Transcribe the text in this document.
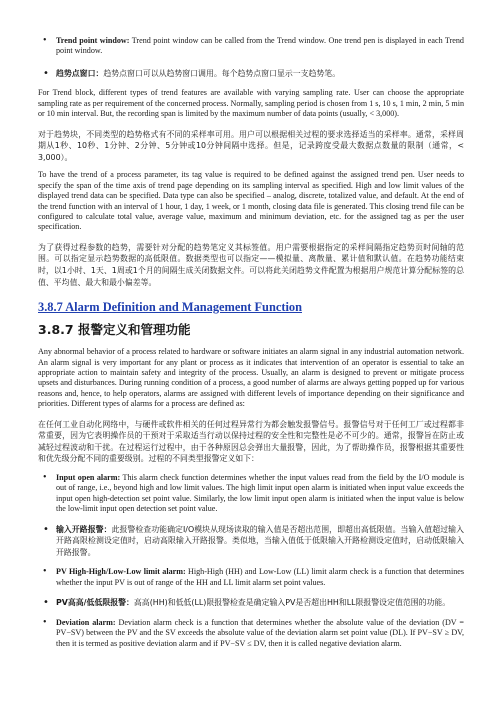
• Trend point window: Trend point window can be called from the Trend window. One trend pen is displayed in each Trend point window.
• 趋势点窗口：趋势点窗口可以从趋势窗口调用。每个趋势点窗口显示一支趋势笔。

For Trend block, different types of trend features are available with varying sampling rate. User can choose the appropriate sampling rate as per requirement of the concerned process. Normally, sampling period is chosen from 1 s, 10 s, 1 min, 2 min, 5 min or 10 min interval. But, the recording span is limited by the maximum number of data points (usually, < 3,000).

对于趋势块，不同类型的趋势格式有不同的采样率可用。用户可以根据相关过程的要求选择适当的采样率。通常，采样周期从1秒、10秒、1分钟、2分钟、5分钟或10分钟间隔中选择。但是，记录跨度受最大数据点数量的限制（通常，< 3,000）。

To have the trend of a process parameter, its tag value is required to be defined against the assigned trend pen. User needs to specify the span of the time axis of trend page depending on its sampling interval as specified. High and low limit values of the displayed trend data can be specified. Data type can also be specified – analog, discrete, totalized value, and default. At the end of the trend function with an interval of 1 hour, 1 day, 1 week, or 1 month, closing data file is generated. This closing trend file can be configured to calculate total value, average value, maximum and minimum deviation, etc. for the assigned tag as per the user specification.

为了获得过程参数的趋势，需要针对分配的趋势笔定义其标签值。用户需要根据指定的采样间隔指定趋势页时间轴的范围。可以指定显示趋势数据的高低限值。数据类型也可以指定——模拟量、离散量、累计值和默认值。在趋势功能结束时，以1小时、1天、1周或1个月的间隔生成关闭数据文件。可以将此关闭趋势文件配置为根据用户规范计算分配标签的总值、平均值、最大和最小偏差等。

3.8.7 Alarm Definition and Management Function
3.8.7 报警定义和管理功能

Any abnormal behavior of a process related to hardware or software initiates an alarm signal in any industrial automation network. An alarm signal is very important for any plant or process as it indicates that intervention of an operator is essential to take an appropriate action to maintain safety and integrity of the process. Usually, an alarm is designed to prevent or mitigate process upsets and disturbances. During running condition of a process, a good number of alarms are always getting popped up for various reasons and, hence, to help operators, alarms are assigned with different levels of importance depending on their significance and priorities. Different types of alarms for a process are defined as:

在任何工业自动化网络中，与硬件或软件相关的任何过程异常行为都会触发报警信号。报警信号对于任何工厂或过程都非常重要，因为它表明操作员的干预对于采取适当行动以保持过程的安全性和完整性是必不可少的。通常，报警旨在防止或减轻过程波动和干扰。在过程运行过程中，由于各种原因总会弹出大量报警，因此，为了帮助操作员，报警根据其重要性和优先级分配不同的重要级别。过程的不同类型报警定义如下：

• Input open alarm: This alarm check function determines whether the input values read from the field by the I/O module is out of range, i.e., beyond high and low limit values. The high limit input open alarm is initiated when input value exceeds the input open high-detection set point value. Similarly, the low limit input open alarm is initiated when the input value is below the low-limit input open detection set point value.
• 输入开路报警：此报警检查功能确定I/O模块从现场读取的输入值是否超出范围，即超出高低限值。当输入值超过输入开路高限检测设定值时，启动高限输入开路报警。类似地，当输入值低于低限输入开路检测设定值时，启动低限输入开路报警。
• PV High-High/Low-Low limit alarm: High-High (HH) and Low-Low (LL) limit alarm check is a function that determines whether the input PV is out of range of the HH and LL limit alarm set point values.
• PV高高/低低限报警：高高(HH)和低低(LL)限报警检查是确定输入PV是否超出HH和LL限报警设定值范围的功能。
• Deviation alarm: Deviation alarm check is a function that determines whether the absolute value of the deviation (DV = PV−SV) between the PV and the SV exceeds the absolute value of the deviation alarm set point value (DL). If PV−SV ≥ DV, then it is termed as positive deviation alarm and if PV−SV ≤ DV, then it is called negative deviation alarm.
